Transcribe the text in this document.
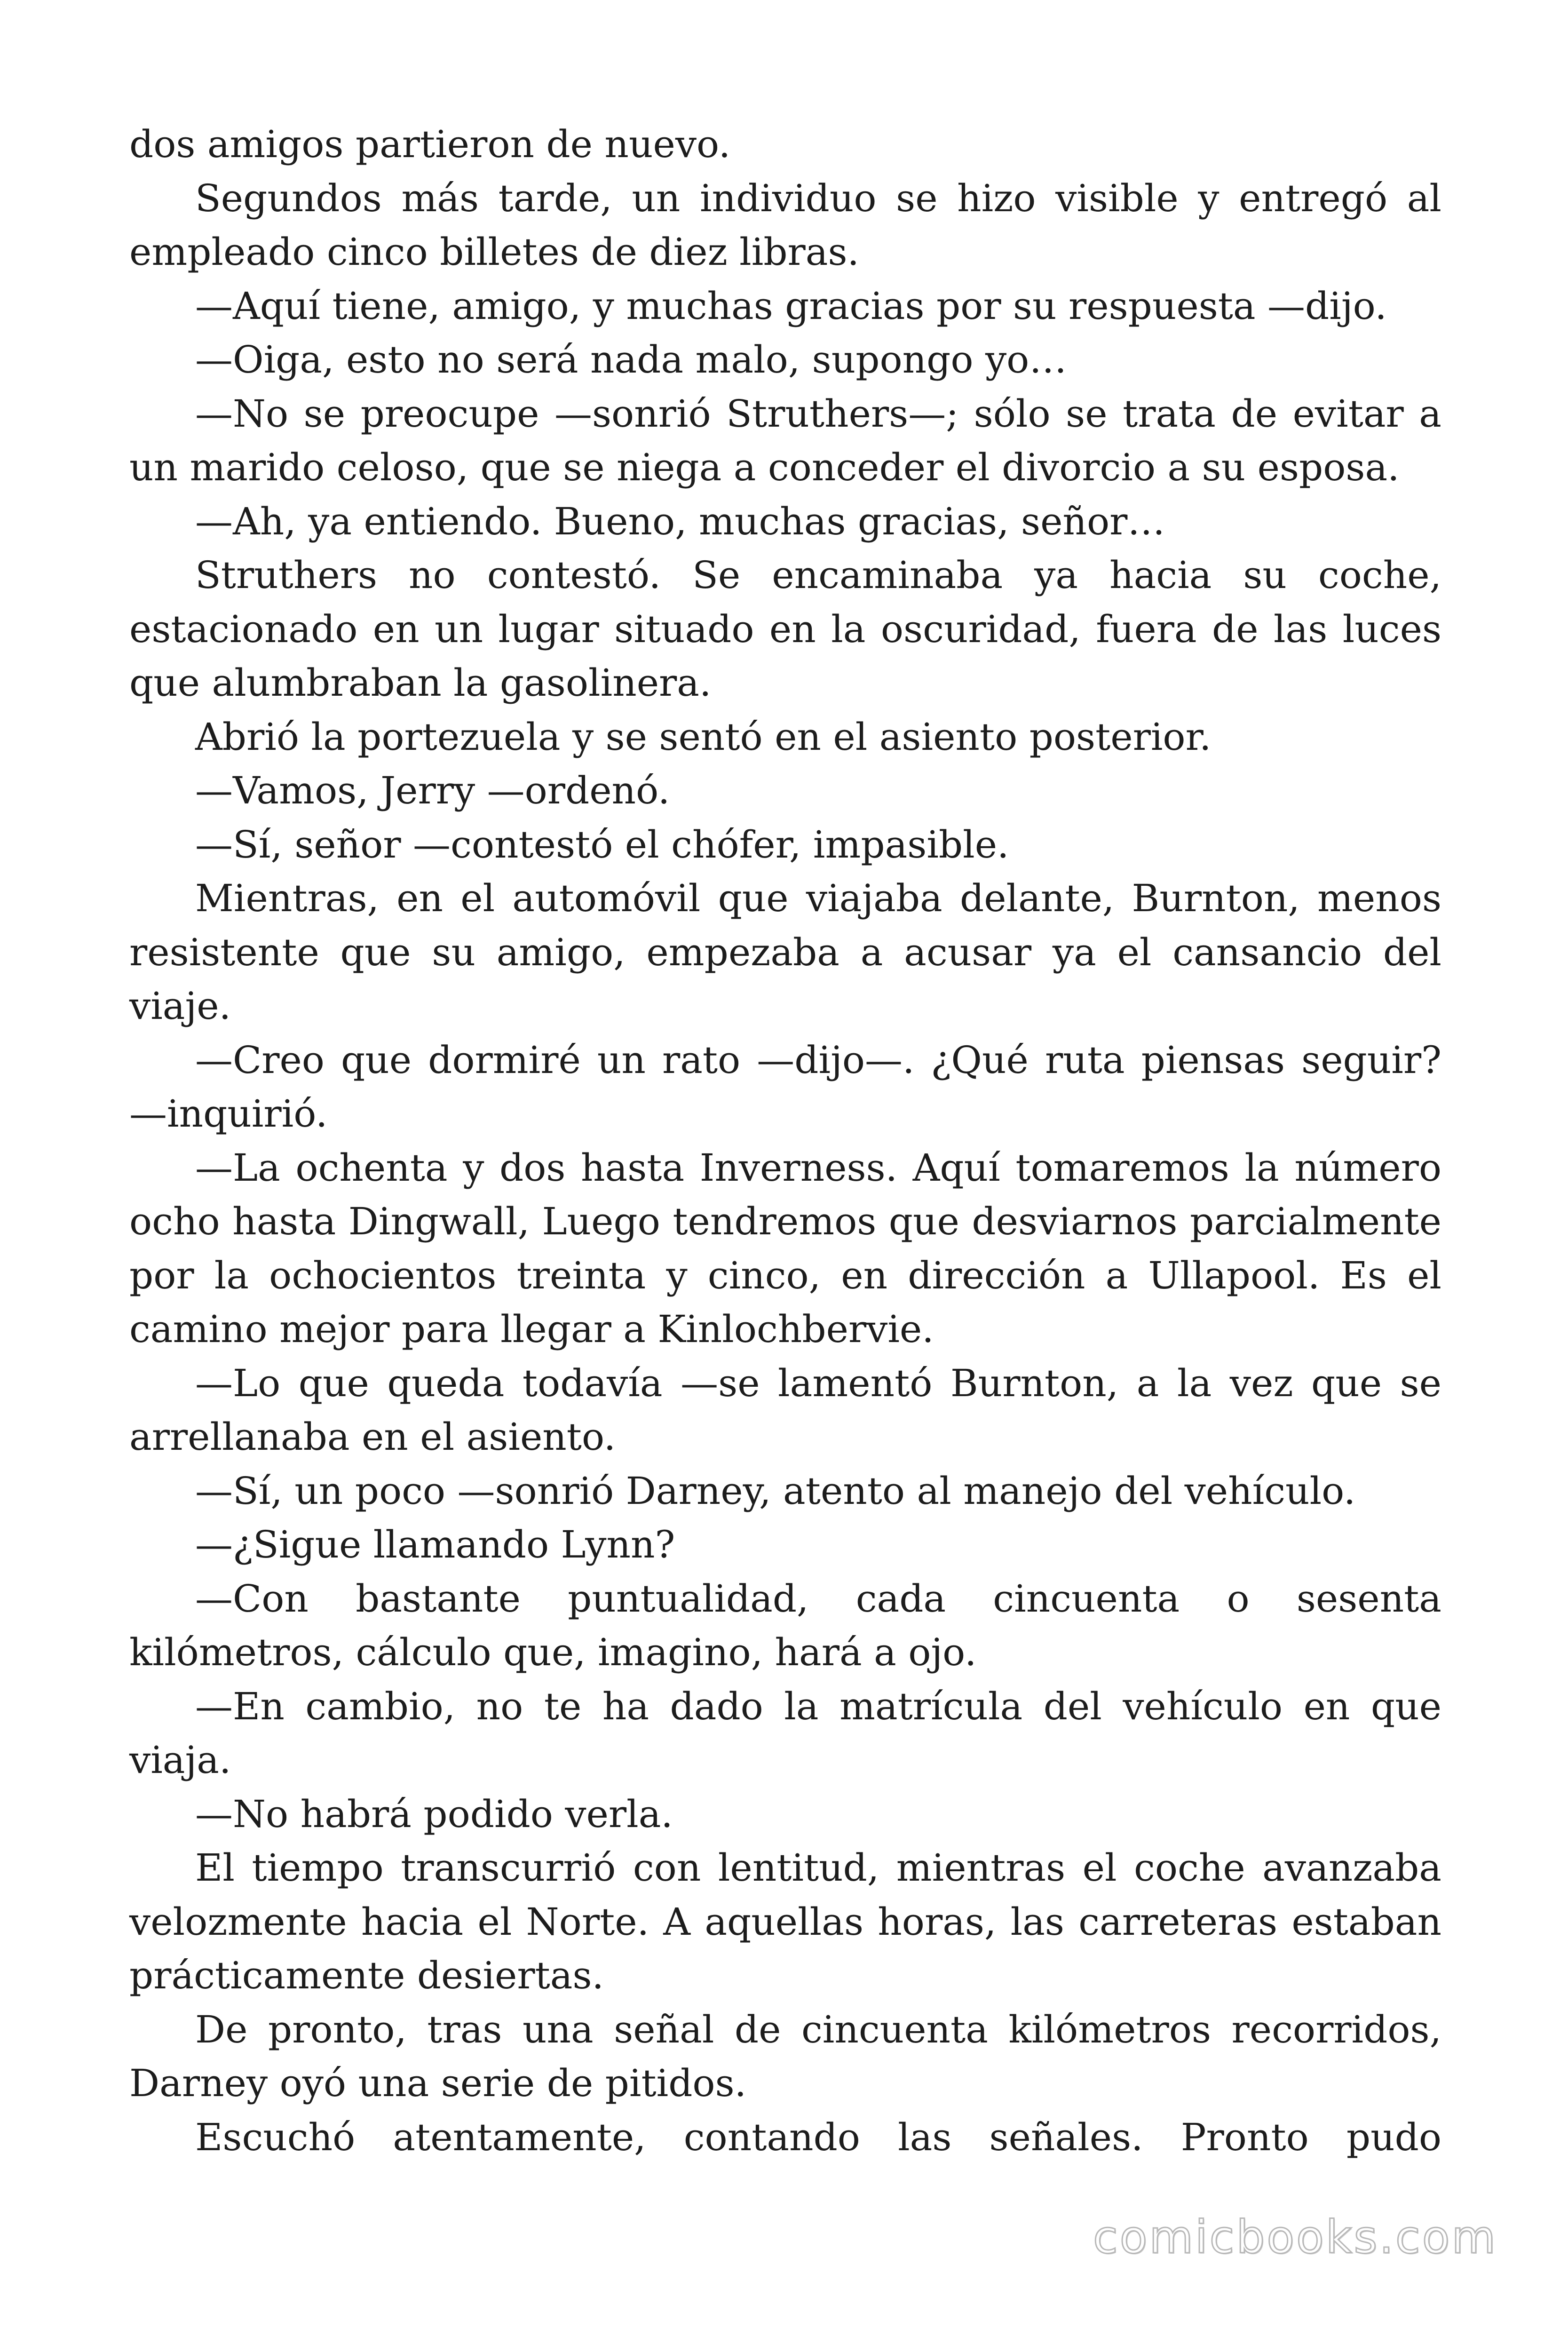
dos amigos partieron de nuevo.

Segundos más tarde, un individuo se hizo visible y entregó al empleado cinco billetes de diez libras.

—Aquí tiene, amigo, y muchas gracias por su respuesta —dijo.

—Oiga, esto no será nada malo, supongo yo…

—No se preocupe —sonrió Struthers—; sólo se trata de evitar a un marido celoso, que se niega a conceder el divorcio a su esposa.

—Ah, ya entiendo. Bueno, muchas gracias, señor…

Struthers no contestó. Se encaminaba ya hacia su coche, estacionado en un lugar situado en la oscuridad, fuera de las luces que alumbraban la gasolinera.

Abrió la portezuela y se sentó en el asiento posterior.

—Vamos, Jerry —ordenó.

—Sí, señor —contestó el chófer, impasible.

Mientras, en el automóvil que viajaba delante, Burnton, menos resistente que su amigo, empezaba a acusar ya el cansancio del viaje.

—Creo que dormiré un rato —dijo—. ¿Qué ruta piensas seguir? —inquirió.

—La ochenta y dos hasta Inverness. Aquí tomaremos la número ocho hasta Dingwall, Luego tendremos que desviarnos parcialmente por la ochocientos treinta y cinco, en dirección a Ullapool. Es el camino mejor para llegar a Kinlochbervie.

—Lo que queda todavía —se lamentó Burnton, a la vez que se arrellanaba en el asiento.

—Sí, un poco —sonrió Darney, atento al manejo del vehículo.

—¿Sigue llamando Lynn?

—Con bastante puntualidad, cada cincuenta o sesenta kilómetros, cálculo que, imagino, hará a ojo.

—En cambio, no te ha dado la matrícula del vehículo en que viaja.

—No habrá podido verla.

El tiempo transcurrió con lentitud, mientras el coche avanzaba velozmente hacia el Norte. A aquellas horas, las carreteras estaban prácticamente desiertas.

De pronto, tras una señal de cincuenta kilómetros recorridos, Darney oyó una serie de pitidos.

Escuchó atentamente, contando las señales. Pronto pudo

comicbooks.com
